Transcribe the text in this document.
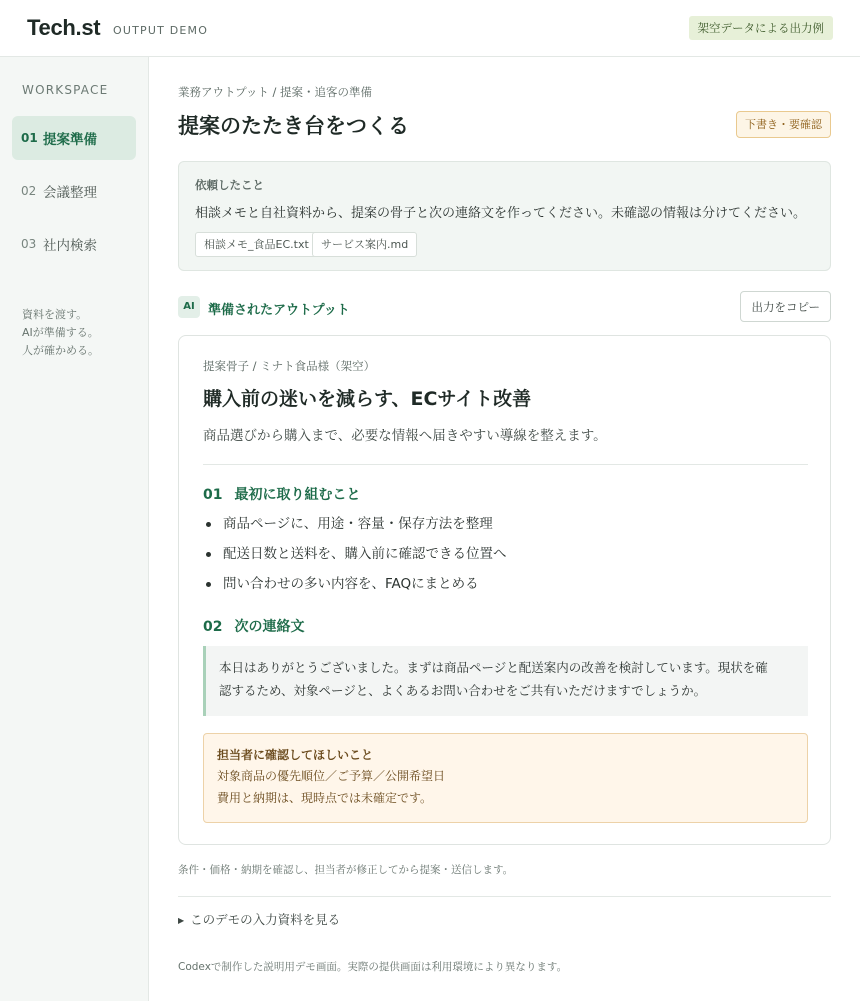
Tech.st OUTPUT DEMO	架空データによる出力例
WORKSPACE
01 提案準備
02 会議整理
03 社内検索
資料を渡す。
AIが準備する。
人が確かめる。
業務アウトプット / 提案・追客の準備
提案のたたき台をつくる	下書き・要確認
依頼したこと
相談メモと自社資料から、提案の骨子と次の連絡文を作ってください。未確認の情報は分けてください。
相談メモ_食品EC.txt	サービス案内.md
AI	準備されたアウトプット	出力をコピー
提案骨子 / ミナト食品様（架空）
購入前の迷いを減らす、ECサイト改善
商品選びから購入まで、必要な情報へ届きやすい導線を整えます。
01 最初に取り組むこと
商品ページに、用途・容量・保存方法を整理
配送日数と送料を、購入前に確認できる位置へ
問い合わせの多い内容を、FAQにまとめる
02 次の連絡文
本日はありがとうございました。まずは商品ページと配送案内の改善を検討しています。現状を確
認するため、対象ページと、よくあるお問い合わせをご共有いただけますでしょうか。
担当者に確認してほしいこと
対象商品の優先順位／ご予算／公開希望日
費用と納期は、現時点では未確定です。
条件・価格・納期を確認し、担当者が修正してから提案・送信します。
▶ このデモの入力資料を見る
Codexで制作した説明用デモ画面。実際の提供画面は利用環境により異なります。
